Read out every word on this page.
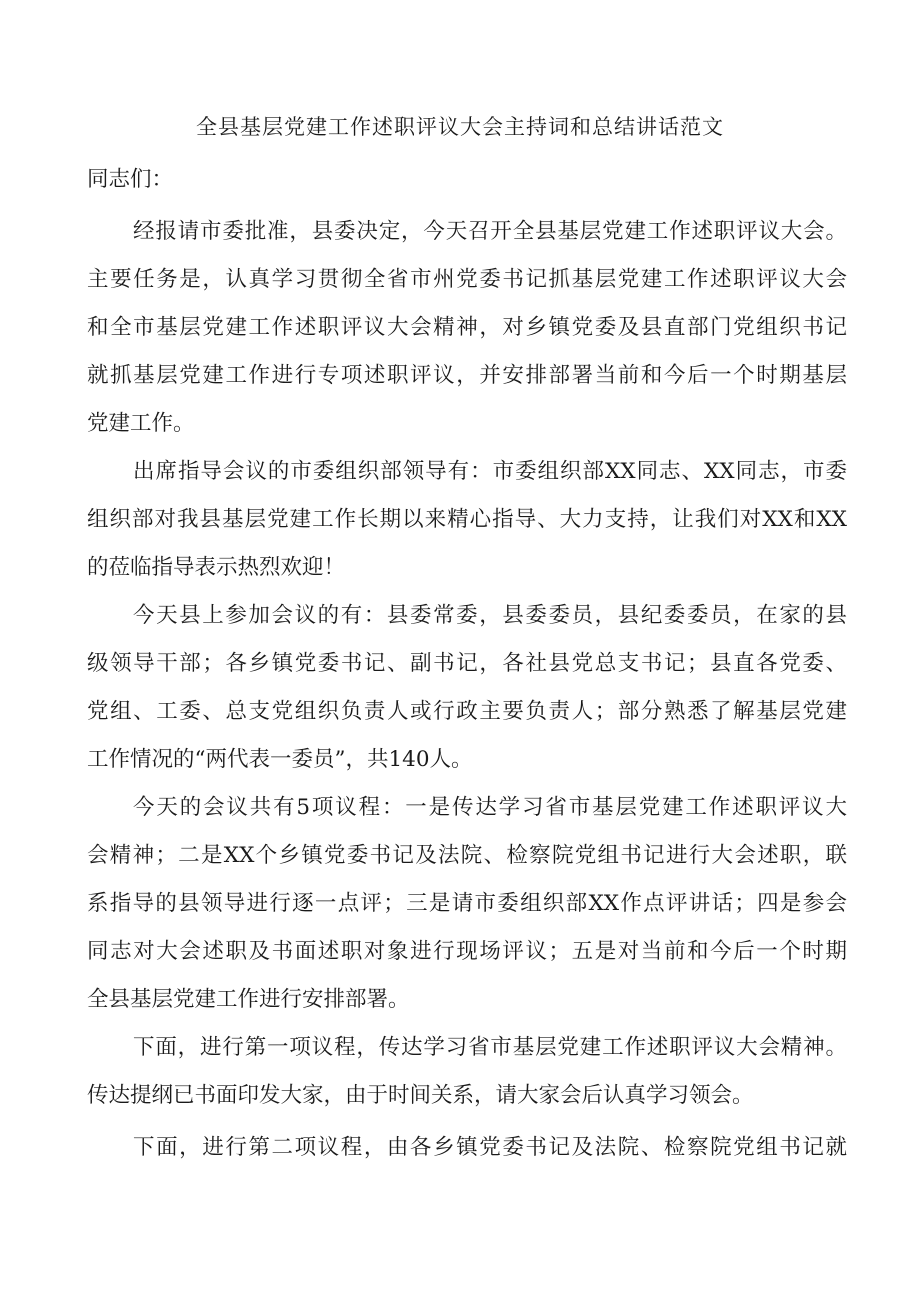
全县基层党建工作述职评议大会主持词和总结讲话范文
同志们：
经报请市委批准，县委决定，今天召开全县基层党建工作述职评议大会。
主要任务是，认真学习贯彻全省市州党委书记抓基层党建工作述职评议大会
和全市基层党建工作述职评议大会精神，对乡镇党委及县直部门党组织书记
就抓基层党建工作进行专项述职评议，并安排部署当前和今后一个时期基层
党建工作。
出席指导会议的市委组织部领导有：市委组织部XX同志、XX同志，市委
组织部对我县基层党建工作长期以来精心指导、大力支持，让我们对XX和XX
的莅临指导表示热烈欢迎！
今天县上参加会议的有：县委常委，县委委员，县纪委委员，在家的县
级领导干部；各乡镇党委书记、副书记，各社县党总支书记；县直各党委、
党组、工委、总支党组织负责人或行政主要负责人；部分熟悉了解基层党建
工作情况的“两代表一委员”，共140人。
今天的会议共有5项议程：一是传达学习省市基层党建工作述职评议大
会精神；二是XX个乡镇党委书记及法院、检察院党组书记进行大会述职，联
系指导的县领导进行逐一点评；三是请市委组织部XX作点评讲话；四是参会
同志对大会述职及书面述职对象进行现场评议；五是对当前和今后一个时期
全县基层党建工作进行安排部署。
下面，进行第一项议程，传达学习省市基层党建工作述职评议大会精神。
传达提纲已书面印发大家，由于时间关系，请大家会后认真学习领会。
下面，进行第二项议程，由各乡镇党委书记及法院、检察院党组书记就
